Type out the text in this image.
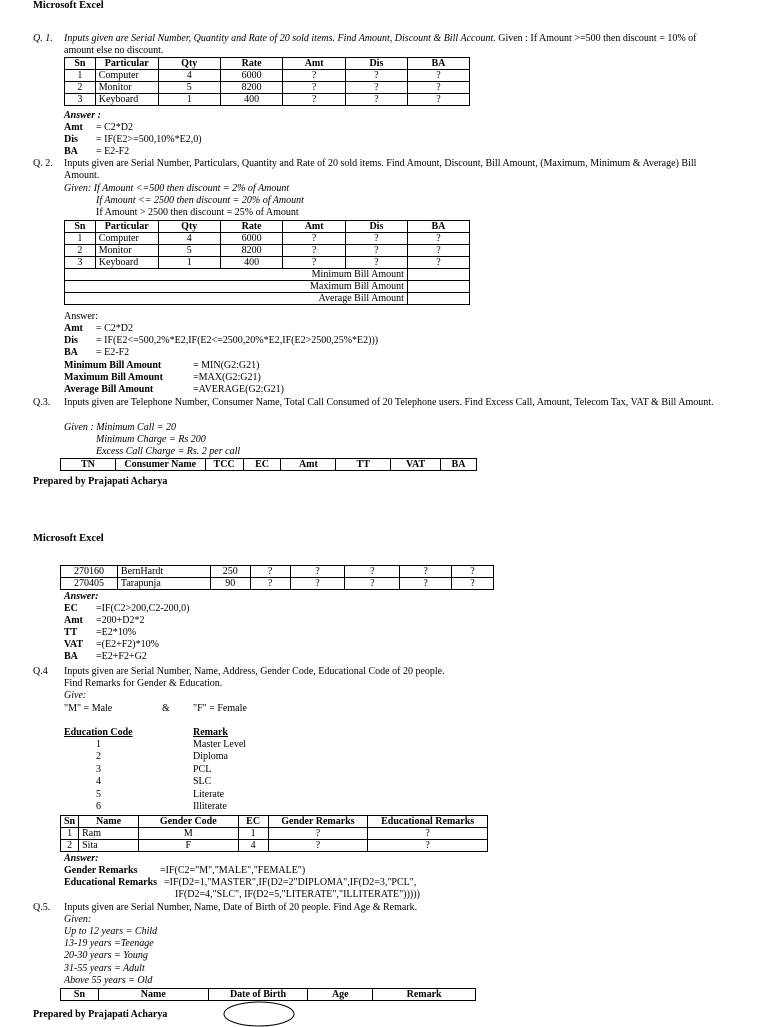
Microsoft Excel
Q. 1. Inputs given are Serial Number, Quantity and Rate of 20 sold items. Find Amount, Discount & Bill Account. Given : If Amount >=500 then discount = 10% of amount else no discount.
Sn	Particular	Qty	Rate	Amt	Dis	BA
1	Computer	4	6000	?	?	?
2	Monitor	5	8200	?	?	?
3	Keyboard	1	400	?	?	?
Answer :
Amt = C2*D2
Dis = IF(E2>=500,10%*E2,0)
BA = E2-F2
Q. 2. Inputs given are Serial Number, Particulars, Quantity and Rate of 20 sold items. Find Amount, Discount, Bill Amount, (Maximum, Minimum & Average) Bill Amount.
Given: If Amount <=500 then discount = 2% of Amount
If Amount <= 2500 then discount = 20% of Amount
If Amount > 2500 then discount = 25% of Amount
Sn	Particular	Qty	Rate	Amt	Dis	BA
1	Computer	4	6000	?	?	?
2	Monitor	5	8200	?	?	?
3	Keyboard	1	400	?	?	?
Minimum Bill Amount						
Maximum Bill Amount						
Average Bill Amount						
Answer:
Amt = C2*D2
Dis = IF(E2<=500,2%*E2,IF(E2<=2500,20%*E2,IF(E2>2500,25%*E2)))
BA = E2-F2
Minimum Bill Amount	= MIN(G2:G21)
Maximum Bill Amount	=MAX(G2:G21)
Average Bill Amount	=AVERAGE(G2:G21)
Q.3. Inputs given are Telephone Number, Consumer Name, Total Call Consumed of 20 Telephone users. Find Excess Call, Amount, Telecom Tax, VAT & Bill Amount.
Given : Minimum Call = 20
Minimum Charge = Rs 200
Excess Call Charge = Rs. 2 per call
TN	Consumer Name	TCC	EC	Amt	TT	VAT	BA
Prepared by Prajapati Acharya
Microsoft Excel
270160	BernHardt	250	?	?	?	?	?
270405	Tarapunja	90	?	?	?	?	?
Answer:
EC =IF(C2>200,C2-200,0)
Amt =200+D2*2
TT =E2*10%
VAT =(E2+F2)*10%
BA =E2+F2+G2
Q.4 Inputs given are Serial Number, Name, Address, Gender Code, Educational Code of 20 people.
Find Remarks for Gender & Education.
Give:
"M" = Male	& "F" = Female
Education Code	Remark
1	Master Level
2	Diploma
3	PCL
4	SLC
5	Literate
6	Illiterate
Sn	Name	Gender Code	EC	Gender Remarks	Educational Remarks
1	Ram	M	1	?	?
2	Sita	F	4	?	?
Answer:
Gender Remarks =IF(C2="M","MALE","FEMALE")
Educational Remarks =IF(D2=1,"MASTER",IF(D2=2"DIPLOMA",IF(D2=3,"PCL",
IF(D2=4,"SLC", IF(D2=5,"LITERATE","ILLITERATE")))))
Q.5. Inputs given are Serial Number, Name, Date of Birth of 20 people. Find Age & Remark.
Given:
Up to 12 years = Child
13-19 years =Teenage
20-30 years = Young
31-55 years = Adult
Above 55 years = Old
Sn	Name	Date of Birth	Age	Remark
Prepared by Prajapati Acharya
